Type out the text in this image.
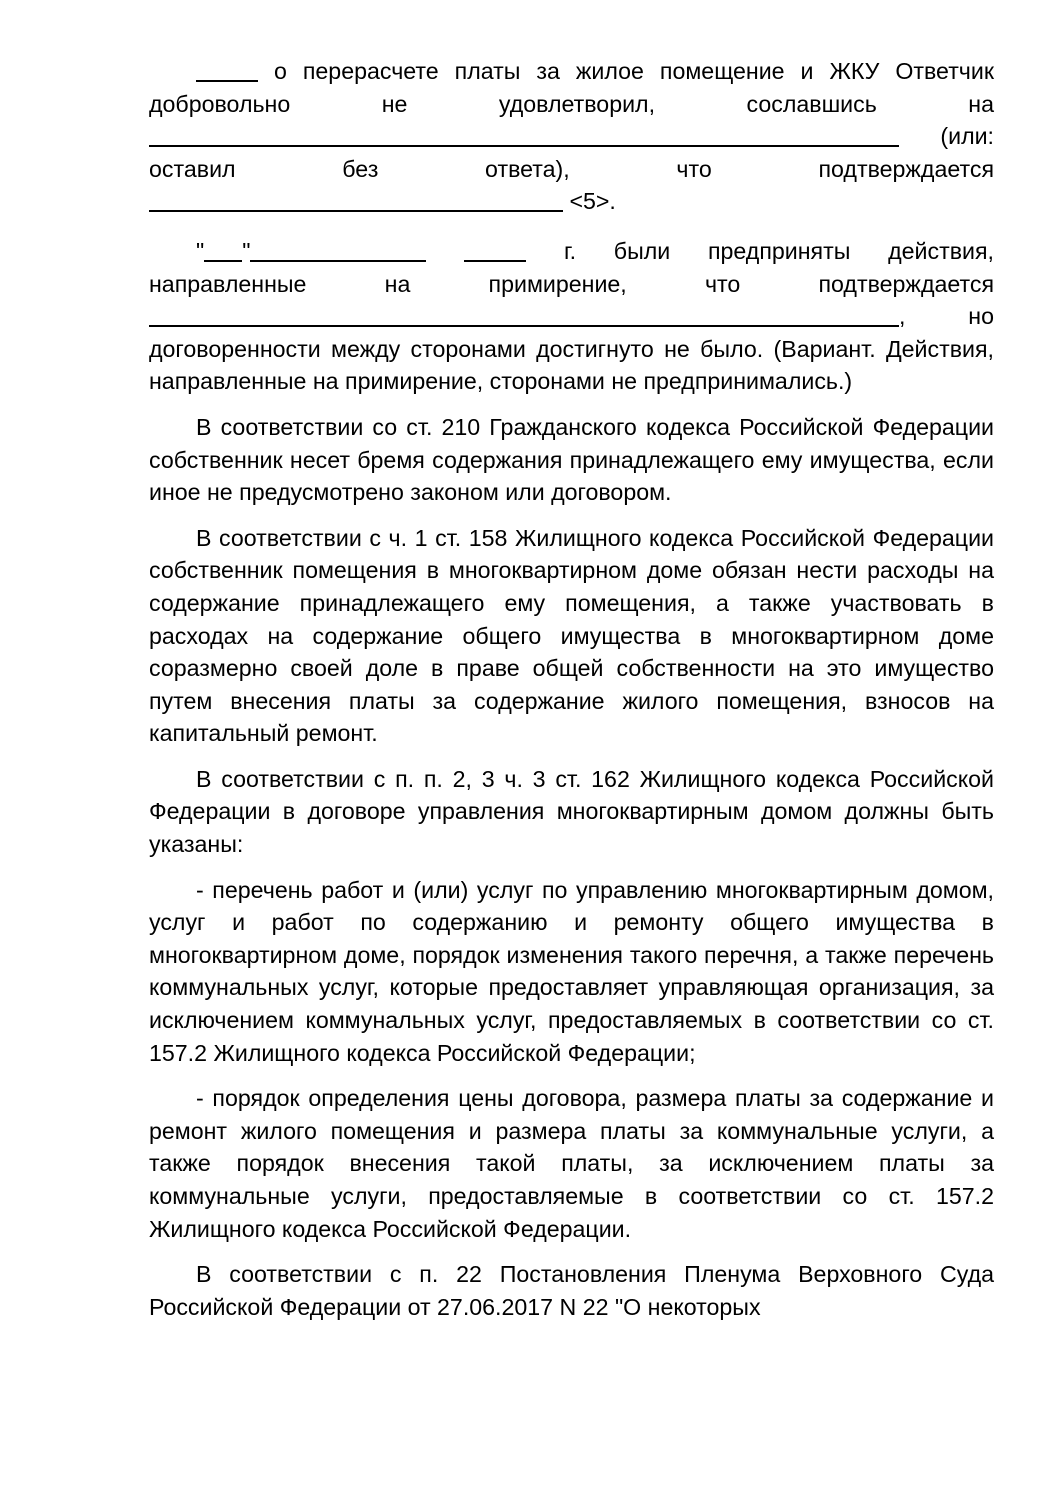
о перерасчете платы за жилое помещение и ЖКУ Ответчик добровольно не удовлетворил, сославшись на  (или: оставил без ответа), что подтверждается  <5>.

" "	г. были предприняты действия, направленные на примирение, что подтверждается , но договоренности между сторонами достигнуто не было. (Вариант. Действия, направленные на примирение, сторонами не предпринимались.)

В соответствии со ст. 210 Гражданского кодекса Российской Федерации собственник несет бремя содержания принадлежащего ему имущества, если иное не предусмотрено законом или договором.

В соответствии с ч. 1 ст. 158 Жилищного кодекса Российской Федерации собственник помещения в многоквартирном доме обязан нести расходы на содержание принадлежащего ему помещения, а также участвовать в расходах на содержание общего имущества в многоквартирном доме соразмерно своей доле в праве общей собственности на это имущество путем внесения платы за содержание жилого помещения, взносов на капитальный ремонт.

В соответствии с п. п. 2, 3 ч. 3 ст. 162 Жилищного кодекса Российской Федерации в договоре управления многоквартирным домом должны быть указаны:

- перечень работ и (или) услуг по управлению многоквартирным домом, услуг и работ по содержанию и ремонту общего имущества в многоквартирном доме, порядок изменения такого перечня, а также перечень коммунальных услуг, которые предоставляет управляющая организация, за исключением коммунальных услуг, предоставляемых в соответствии со ст. 157.2 Жилищного кодекса Российской Федерации;

- порядок определения цены договора, размера платы за содержание и ремонт жилого помещения и размера платы за коммунальные услуги, а также порядок внесения такой платы, за исключением платы за коммунальные услуги, предоставляемые в соответствии со ст. 157.2 Жилищного кодекса Российской Федерации.

В соответствии с п. 22 Постановления Пленума Верховного Суда Российской Федерации от 27.06.2017 N 22 "О некоторых
